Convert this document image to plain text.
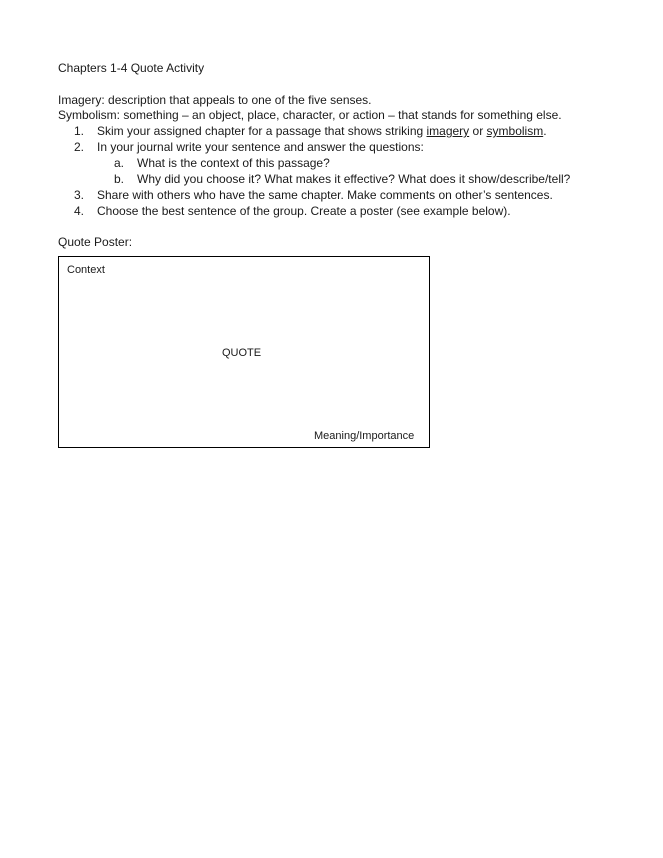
Chapters 1-4 Quote Activity
Imagery: description that appeals to one of the five senses.
Symbolism: something – an object, place, character, or action – that stands for something else.
1. Skim your assigned chapter for a passage that shows striking imagery or symbolism.
2. In your journal write your sentence and answer the questions:
a. What is the context of this passage?
b. Why did you choose it? What makes it effective? What does it show/describe/tell?
3. Share with others who have the same chapter. Make comments on other’s sentences.
4. Choose the best sentence of the group. Create a poster (see example below).
Quote Poster:
Context
QUOTE
Meaning/Importance
